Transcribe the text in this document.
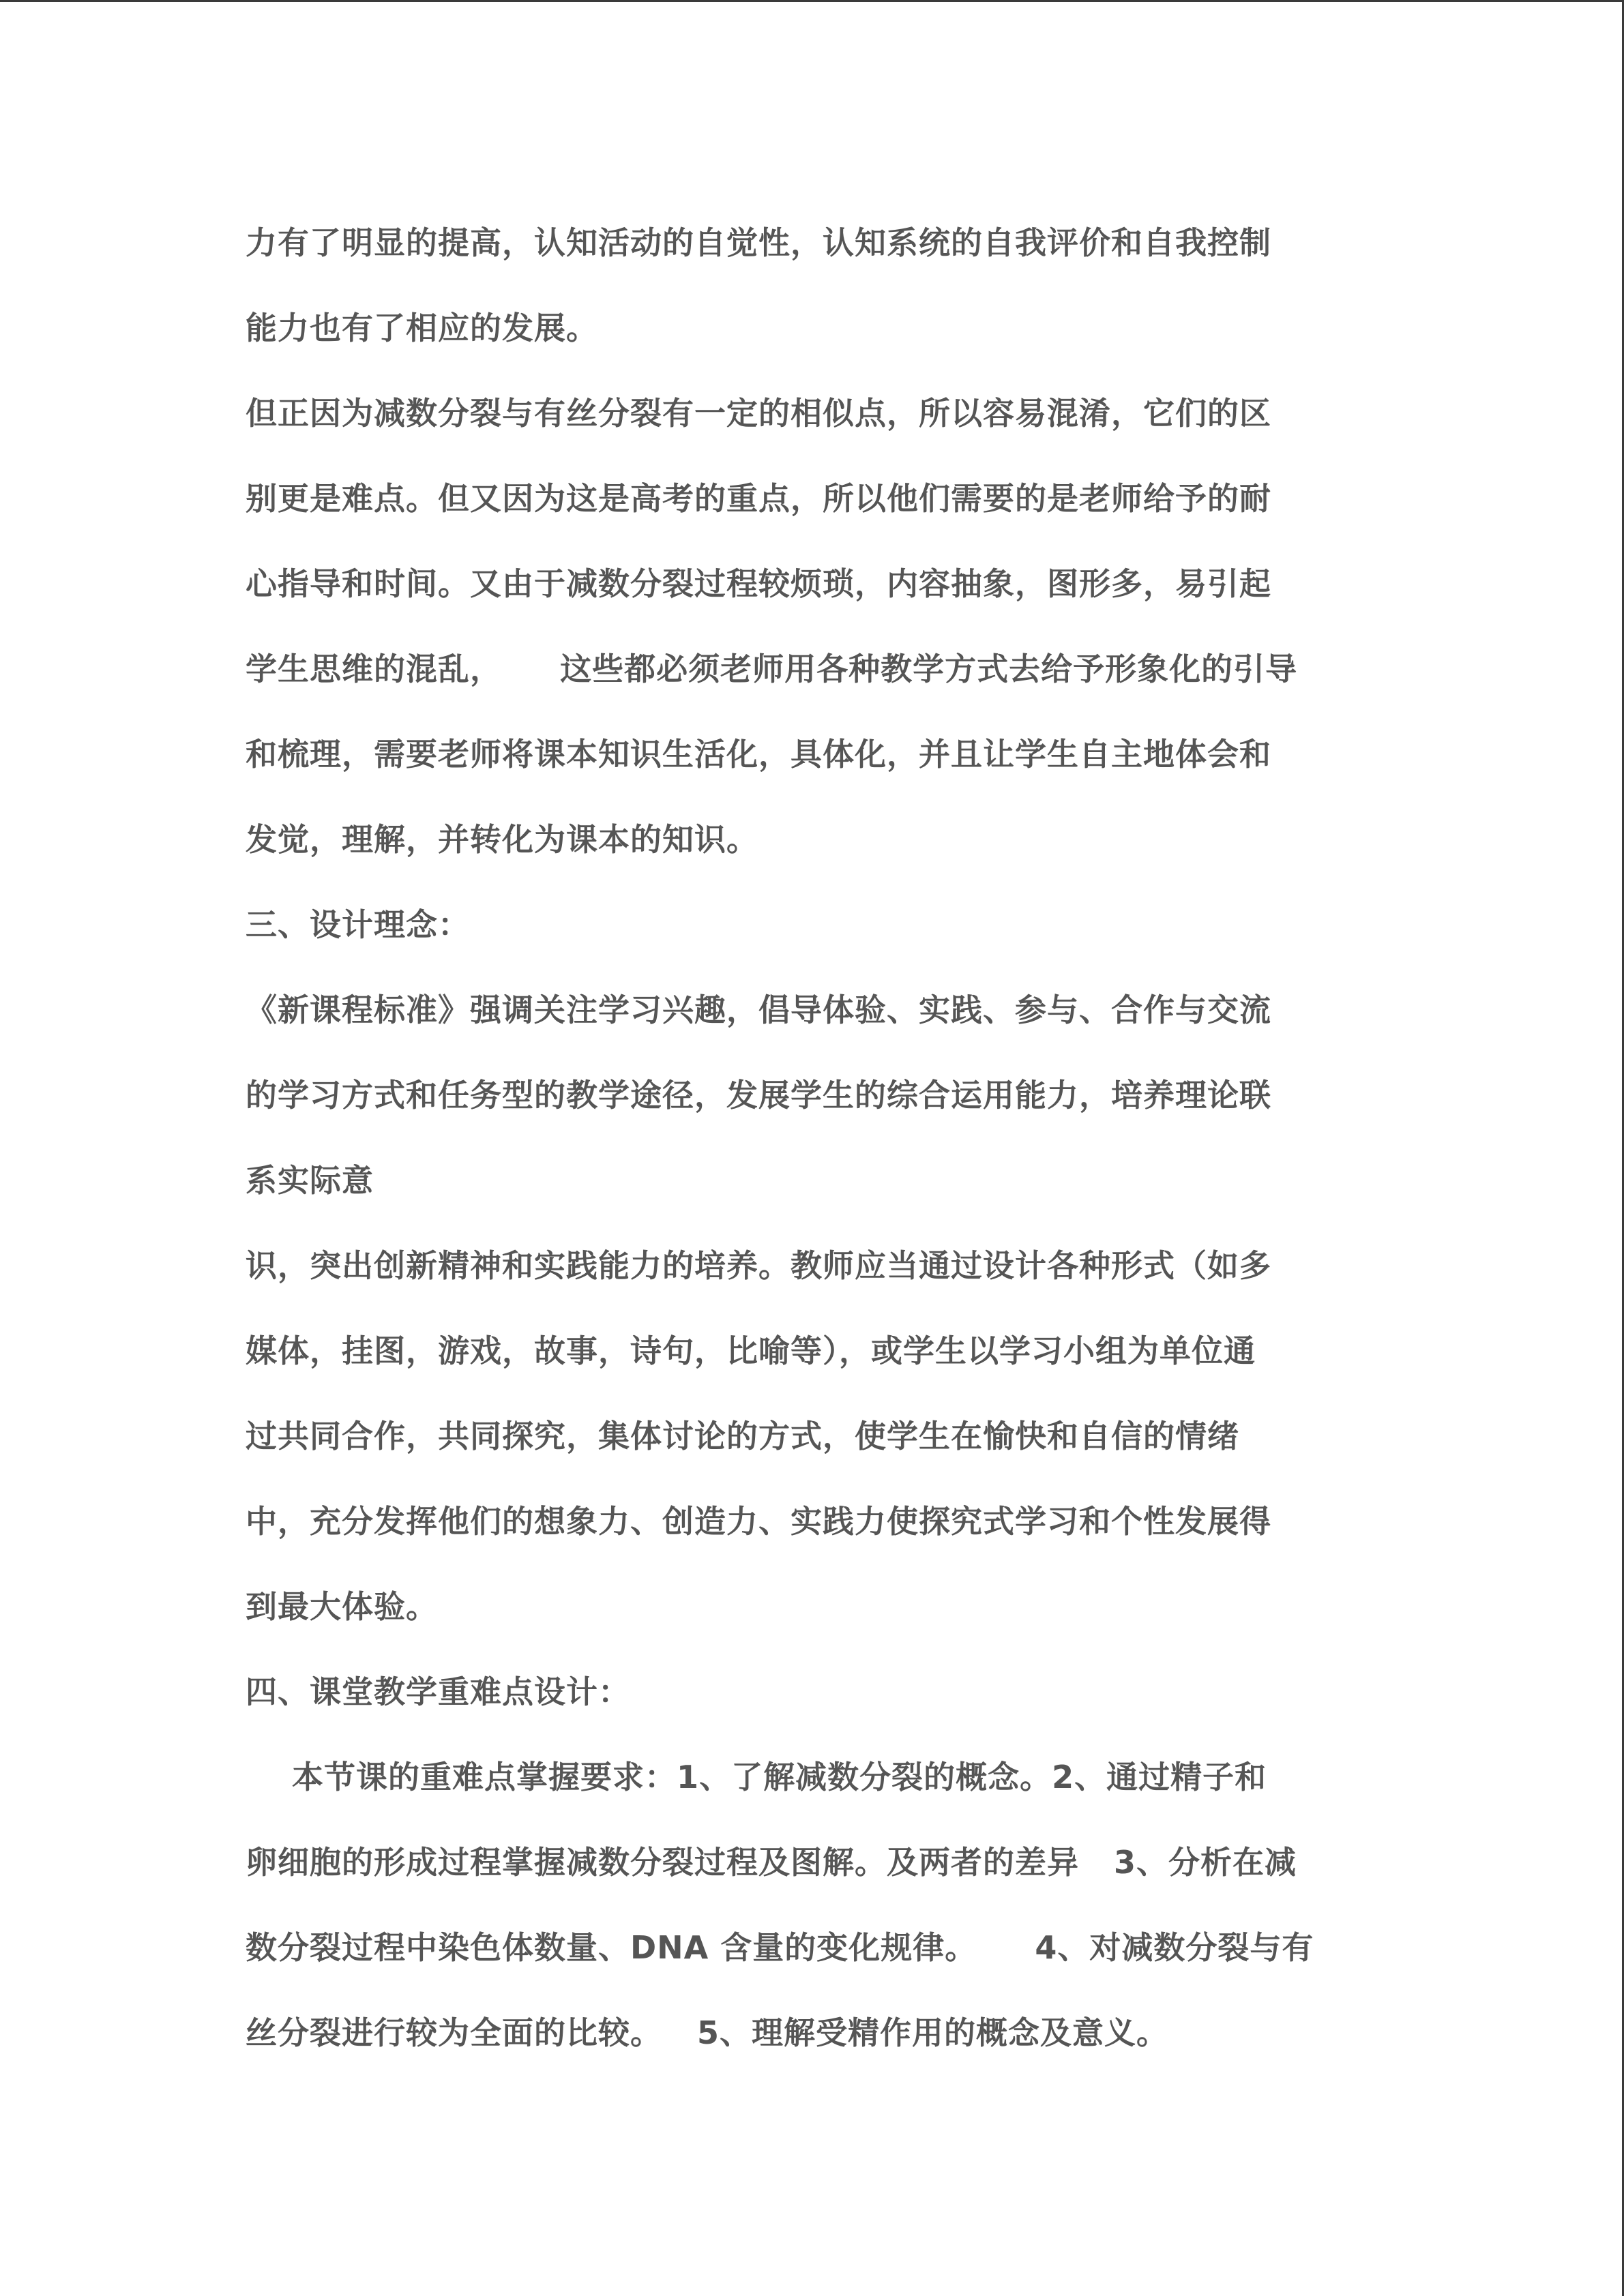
力有了明显的提高，认知活动的自觉性，认知系统的自我评价和自我控制
能力也有了相应的发展。
但正因为减数分裂与有丝分裂有一定的相似点，所以容易混淆，它们的区
别更是难点。但又因为这是高考的重点，所以他们需要的是老师给予的耐
心指导和时间。又由于减数分裂过程较烦琐，内容抽象，图形多，易引起
学生思维的混乱，     这些都必须老师用各种教学方式去给予形象化的引导
和梳理，需要老师将课本知识生活化，具体化，并且让学生自主地体会和
发觉，理解，并转化为课本的知识。
三、设计理念：
《新课程标准》强调关注学习兴趣，倡导体验、实践、参与、合作与交流
的学习方式和任务型的教学途径，发展学生的综合运用能力，培养理论联
系实际意
识，突出创新精神和实践能力的培养。教师应当通过设计各种形式（如多
媒体，挂图，游戏，故事，诗句，比喻等），或学生以学习小组为单位通
过共同合作，共同探究，集体讨论的方式，使学生在愉快和自信的情绪
中，充分发挥他们的想象力、创造力、实践力使探究式学习和个性发展得
到最大体验。
四、课堂教学重难点设计：
本节课的重难点掌握要求：1、了解减数分裂的概念。2、通过精子和
卵细胞的形成过程掌握减数分裂过程及图解。及两者的差异   3、分析在减
数分裂过程中染色体数量、DNA 含量的变化规律。     4、对减数分裂与有
丝分裂进行较为全面的比较。   5、理解受精作用的概念及意义。
